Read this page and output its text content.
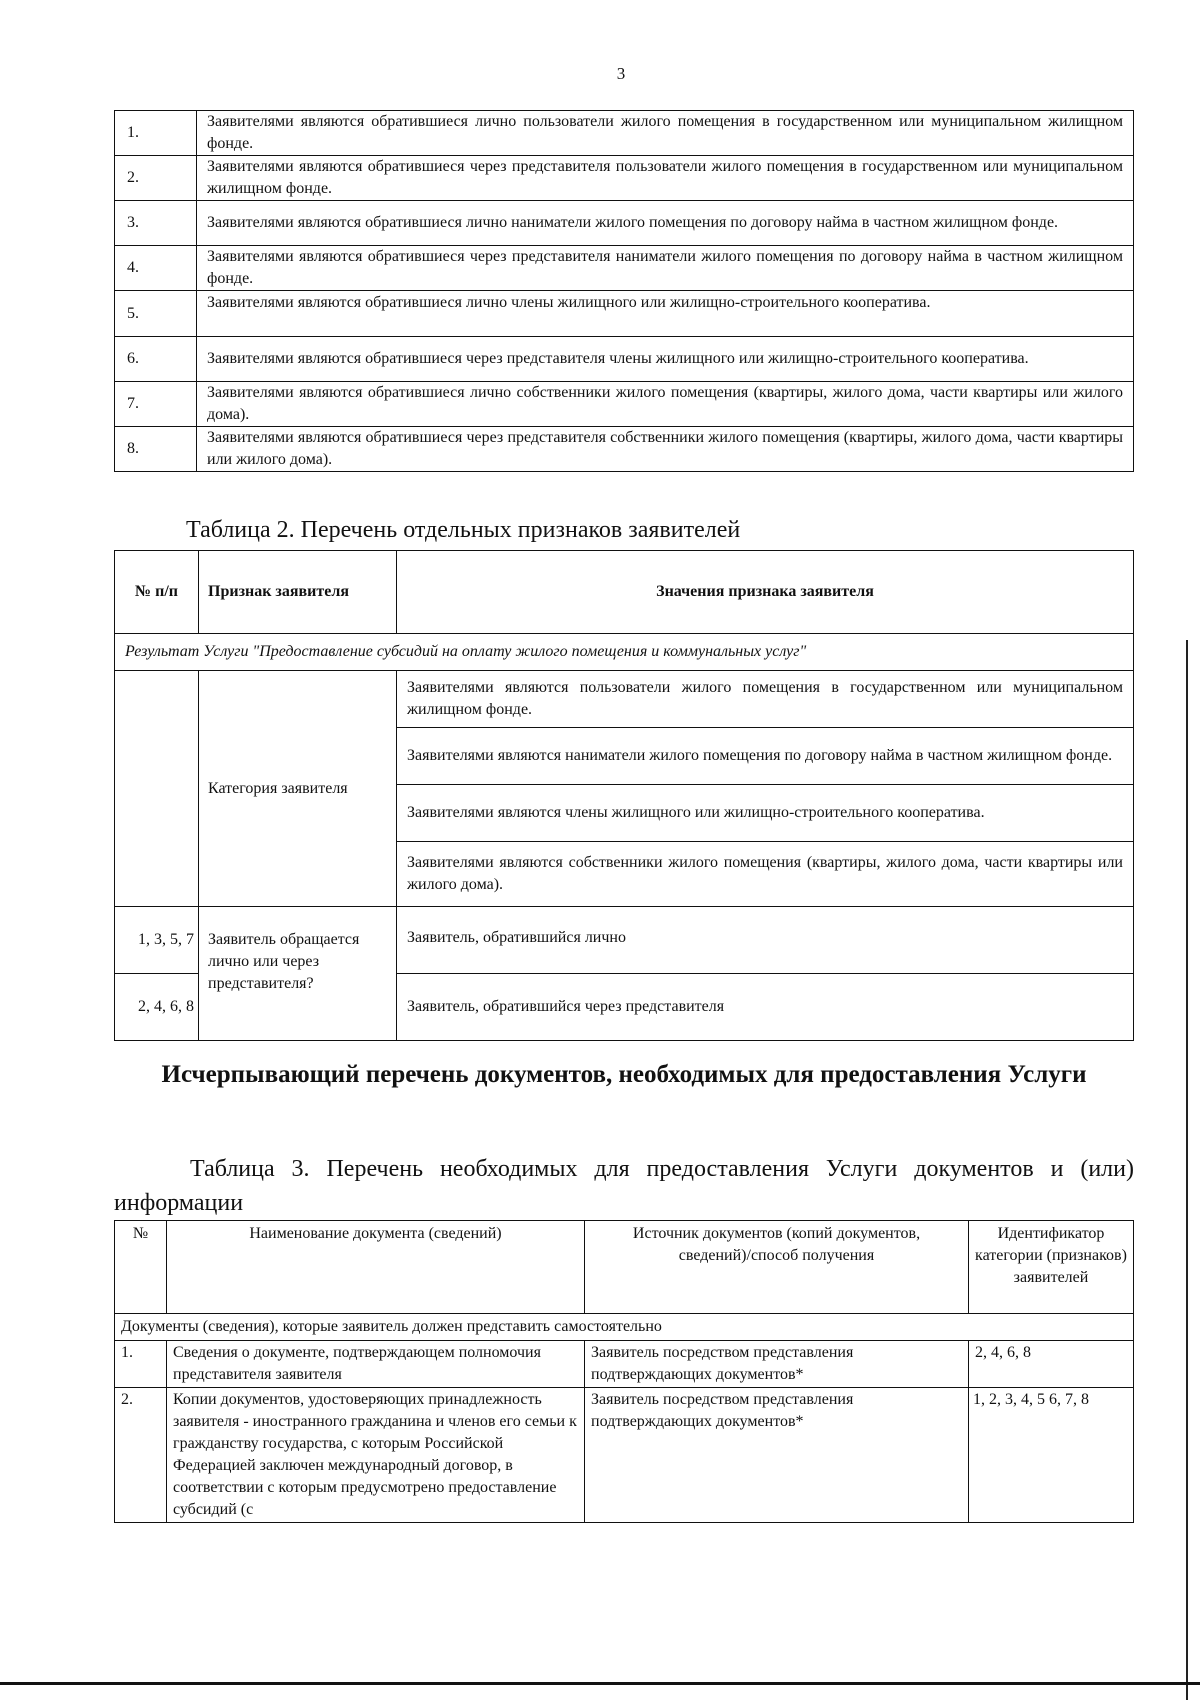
3
1.	Заявителями являются обратившиеся лично пользователи жилого помещения в государственном или муниципальном жилищном фонде.
2.	Заявителями являются обратившиеся через представителя пользователи жилого помещения в государственном или муниципальном жилищном фонде.
3.	Заявителями являются обратившиеся лично наниматели жилого помещения по договору найма в частном жилищном фонде.
4.	Заявителями являются обратившиеся через представителя наниматели жилого помещения по договору найма в частном жилищном фонде.
5.	Заявителями являются обратившиеся лично члены жилищного или жилищно-строительного кооператива.
6.	Заявителями являются обратившиеся через представителя члены жилищного или жилищно-строительного кооператива.
7.	Заявителями являются обратившиеся лично собственники жилого помещения (квартиры, жилого дома, части квартиры или жилого дома).
8.	Заявителями являются обратившиеся через представителя собственники жилого помещения (квартиры, жилого дома, части квартиры или жилого дома).
Таблица 2. Перечень отдельных признаков заявителей
№ п/п	Признак заявителя	Значения признака заявителя
Результат Услуги "Предоставление субсидий на оплату жилого помещения и коммунальных услуг"		
	Категория заявителя	Заявителями являются пользователи жилого помещения в государственном или муниципальном жилищном фонде.
		Заявителями являются наниматели жилого помещения по договору найма в частном жилищном фонде.
		Заявителями являются члены жилищного или жилищно-строительного кооператива.
		Заявителями являются собственники жилого помещения (квартиры, жилого дома, части квартиры или жилого дома).
1, 3, 5, 7	Заявитель обращается лично или через представителя?	Заявитель, обратившийся лично
2, 4, 6, 8		Заявитель, обратившийся через представителя
Исчерпывающий перечень документов, необходимых для предоставления Услуги
Таблица 3. Перечень необходимых для предоставления Услуги документов и (или) информации
№	Наименование документа (сведений)	Источник документов (копий документов, сведений)/способ получения	Идентификатор категории (признаков) заявителей
Документы (сведения), которые заявитель должен представить самостоятельно			
1.	Сведения о документе, подтверждающем полномочия представителя заявителя	Заявитель посредством представления подтверждающих документов*	2, 4, 6, 8
2.	Копии документов, удостоверяющих принадлежность заявителя - иностранного гражданина и членов его семьи к гражданству государства, с которым Российской Федерацией заключен международный договор, в соответствии с которым предусмотрено предоставление субсидий (с	Заявитель посредством представления подтверждающих документов*	1, 2, 3, 4, 5 6, 7, 8
